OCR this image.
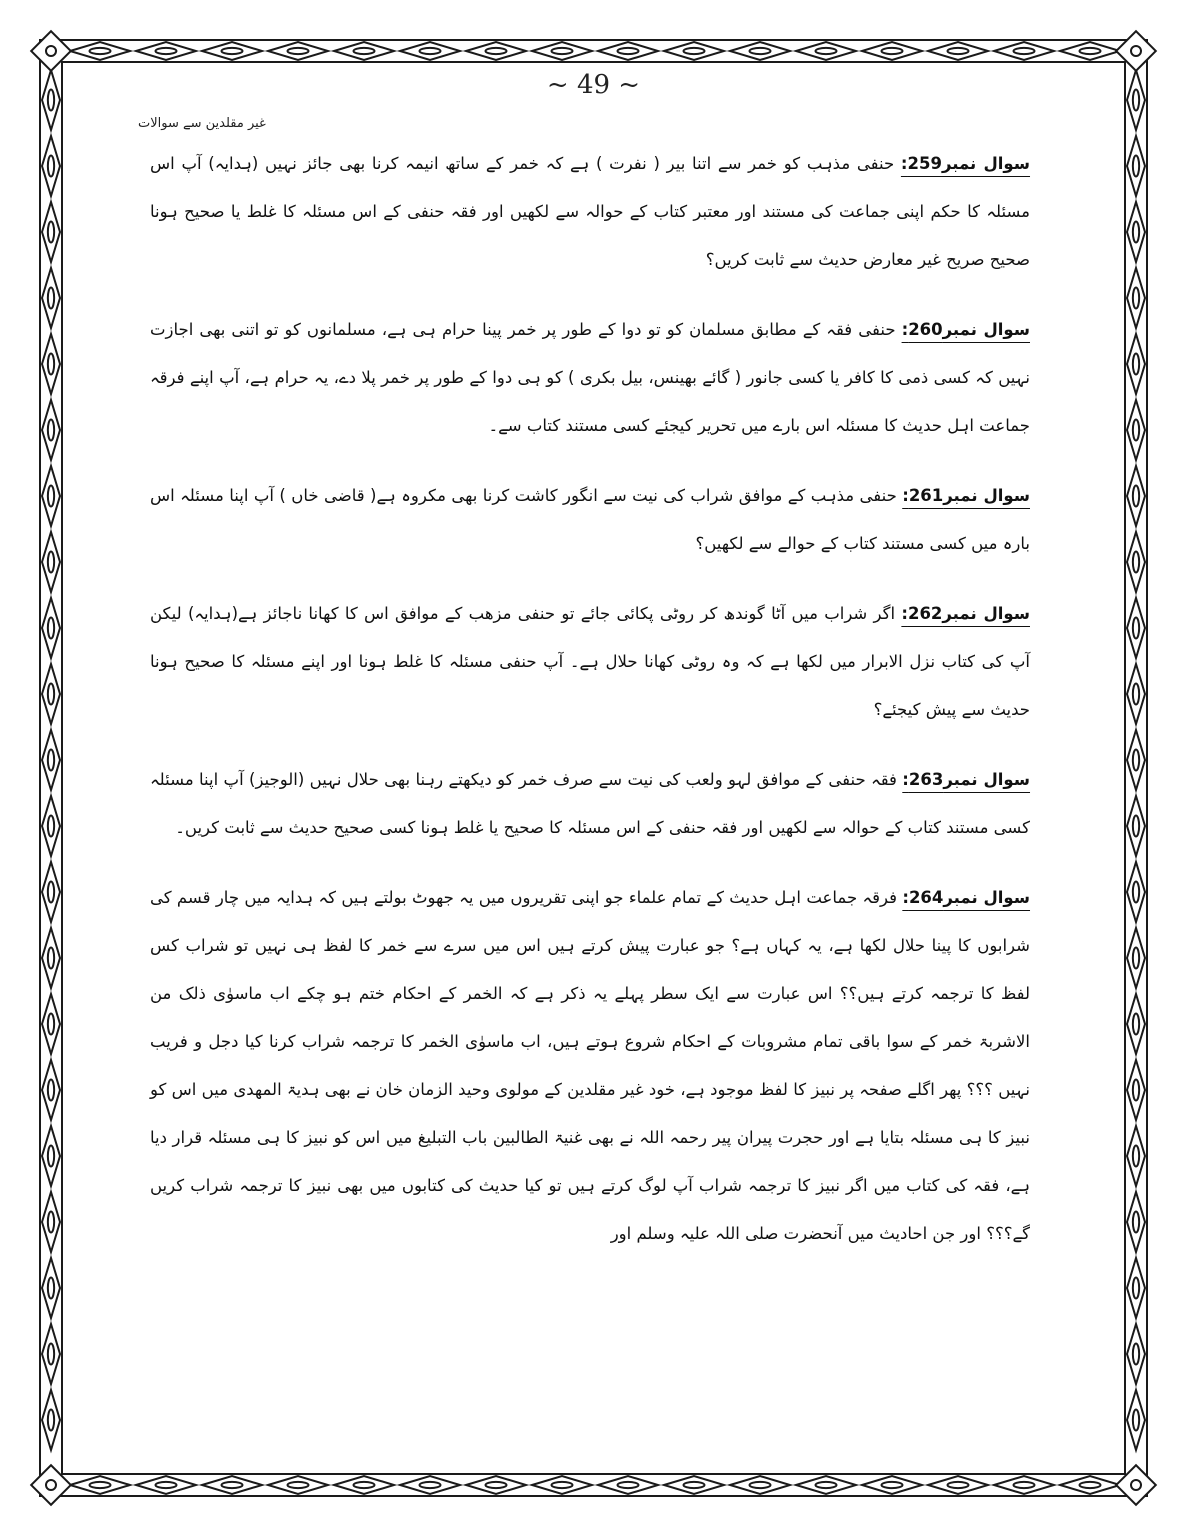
~ 49 ~
غیر مقلدین سے سوالات

سوال نمبر259: حنفی مذہب کو خمر سے اتنا بیر ( نفرت ) ہے کہ خمر کے ساتھ انیمہ کرنا بھی جائز نہیں (ہدایہ) آپ اس مسئلہ کا حکم اپنی جماعت کی مستند اور معتبر کتاب کے حوالہ سے لکھیں اور فقہ حنفی کے اس مسئلہ کا غلط یا صحیح ہونا صحیح صریح غیر معارض حدیث سے ثابت کریں؟

سوال نمبر260: حنفی فقہ کے مطابق مسلمان کو تو دوا کے طور پر خمر پینا حرام ہی ہے، مسلمانوں کو تو اتنی بھی اجازت نہیں کہ کسی ذمی کا کافر یا کسی جانور ( گائے بھینس، بیل بکری ) کو ہی دوا کے طور پر خمر پلا دے، یہ حرام ہے، آپ اپنے فرقہ جماعت اہل حدیث کا مسئلہ اس بارے میں تحریر کیجئے کسی مستند کتاب سے۔

سوال نمبر261: حنفی مذہب کے موافق شراب کی نیت سے انگور کاشت کرنا بھی مکروہ ہے( قاضی خاں ) آپ اپنا مسئلہ اس بارہ میں کسی مستند کتاب کے حوالے سے لکھیں؟

سوال نمبر262: اگر شراب میں آٹا گوندھ کر روٹی پکائی جائے تو حنفی مزھب کے موافق اس کا کھانا ناجائز ہے(ہدایہ) لیکن آپ کی کتاب نزل الابرار میں لکھا ہے کہ وہ روٹی کھانا حلال ہے۔ آپ حنفی مسئلہ کا غلط ہونا اور اپنے مسئلہ کا صحیح ہونا حدیث سے پیش کیجئے؟

سوال نمبر263: فقہ حنفی کے موافق لہو ولعب کی نیت سے صرف خمر کو دیکھتے رہنا بھی حلال نہیں (الوجیز) آپ اپنا مسئلہ کسی مستند کتاب کے حوالہ سے لکھیں اور فقہ حنفی کے اس مسئلہ کا صحیح یا غلط ہونا کسی صحیح حدیث سے ثابت کریں۔

سوال نمبر264: فرقہ جماعت اہل حدیث کے تمام علماء جو اپنی تقریروں میں یہ جھوٹ بولتے ہیں کہ ہدایہ میں چار قسم کی شرابوں کا پینا حلال لکھا ہے، یہ کہاں ہے؟ جو عبارت پیش کرتے ہیں اس میں سرے سے خمر کا لفظ ہی نہیں تو شراب کس لفظ کا ترجمہ کرتے ہیں؟؟ اس عبارت سے ایک سطر پہلے یہ ذکر ہے کہ الخمر کے احکام ختم ہو چکے اب ماسوٰی ذلک من الاشربۃ خمر کے سوا باقی تمام مشروبات کے احکام شروع ہوتے ہیں، اب ماسوٰی الخمر کا ترجمہ شراب کرنا کیا دجل و فریب نہیں ؟؟؟ پھر اگلے صفحہ پر نبیز کا لفظ موجود ہے، خود غیر مقلدین کے مولوی وحید الزمان خان نے بھی ہدیۃ المھدی میں اس کو نبیز کا ہی مسئلہ بتایا ہے اور حجرت پیران پیر رحمہ اللہ نے بھی غنیۃ الطالبین باب التبلیغ میں اس کو نبیز کا ہی مسئلہ قرار دیا ہے، فقہ کی کتاب میں اگر نبیز کا ترجمہ شراب آپ لوگ کرتے ہیں تو کیا حدیث کی کتابوں میں بھی نبیز کا ترجمہ شراب کریں گے؟؟؟ اور جن احادیث میں آنحضرت صلی اللہ علیہ وسلم اور
